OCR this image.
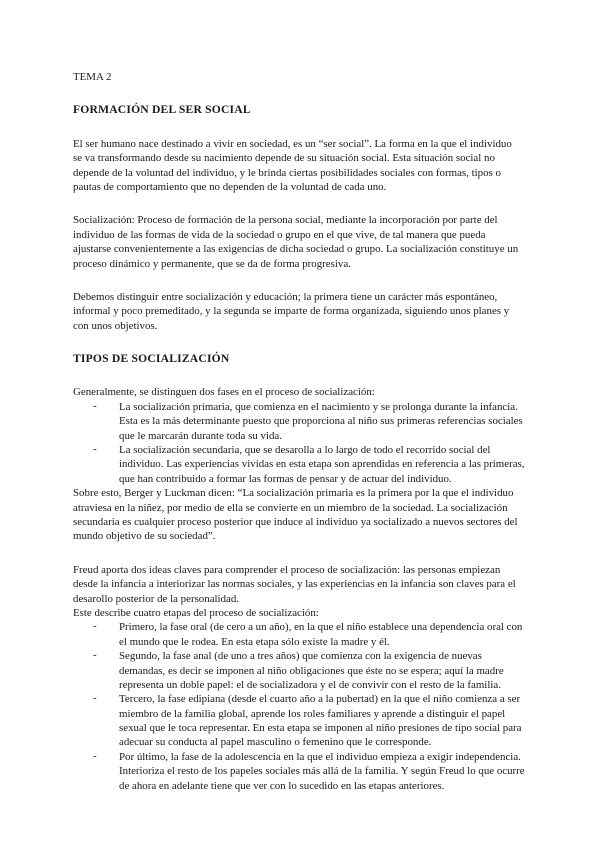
TEMA 2
FORMACIÓN DEL SER SOCIAL
El ser humano nace destinado a vivir en sociedad, es un “ser social”. La forma en la que el individuo
se va transformando desde su nacimiento depende de su situación social. Esta situación social no
depende de la voluntad del individuo, y le brinda ciertas posibilidades sociales con formas, tipos o
pautas de comportamiento que no dependen de la voluntad de cada uno.
Socialización: Proceso de formación de la persona social, mediante la incorporación por parte del
individuo de las formas de vida de la sociedad o grupo en el que vive, de tal manera que pueda
ajustarse convenientemente a las exigencias de dicha sociedad o grupo. La socialización constituye un
proceso dinámico y permanente, que se da de forma progresiva.
Debemos distinguir entre socialización y educación; la primera tiene un carácter más espontáneo,
informal y poco premeditado, y la segunda se imparte de forma organizada, siguiendo unos planes y
con unos objetivos.
TIPOS DE SOCIALIZACIÓN
Generalmente, se distinguen dos fases en el proceso de socialización:
- La socialización primaria, que comienza en el nacimiento y se prolonga durante la infancia.
Esta es la más determinante puesto que proporciona al niño sus primeras referencias sociales
que le marcarán durante toda su vida.
- La socialización secundaria, que se desarolla a lo largo de todo el recorrido social del
individuo. Las experiencias vividas en esta etapa son aprendidas en referencia a las primeras,
que han contribuido a formar las formas de pensar y de actuar del individuo.
Sobre esto, Berger y Luckman dicen: “La socialización primaria es la primera por la que el individuo
atraviesa en la niñez, por medio de ella se convierte en un miembro de la sociedad. La socialización
secundaria es cualquier proceso posterior que induce al individuo ya socializado a nuevos sectores del
mundo objetivo de su sociedad”.
Freud aporta dos ideas claves para comprender el proceso de socialización: las personas empiezan
desde la infancia a interiorizar las normas sociales, y las experiencias en la infancia son claves para el
desarollo posterior de la personalidad.
Este describe cuatro etapas del proceso de socialización:
- Primero, la fase oral (de cero a un año), en la que el niño establece una dependencia oral con
el mundo que le rodea. En esta etapa sólo existe la madre y él.
- Segundo, la fase anal (de uno a tres años) que comienza con la exigencia de nuevas
demandas, es decir se imponen al niño obligaciones que éste no se espera; aquí la madre
representa un doble papel: el de socializadora y el de convivir con el resto de la familia.
- Tercero, la fase edipiana (desde el cuarto año a la pubertad) en la que el niño comienza a ser
miembro de la familia global, aprende los roles familiares y aprende a distinguir el papel
sexual que le toca representar. En esta etapa se imponen al niño presiones de tipo social para
adecuar su conducta al papel masculino o femenino que le corresponde.
- Por último, la fase de la adolescencia en la que el individuo empieza a exigir independencia.
Interioriza el resto de los papeles sociales más allá de la familia. Y según Freud lo que ocurre
de ahora en adelante tiene que ver con lo sucedido en las etapas anteriores.
